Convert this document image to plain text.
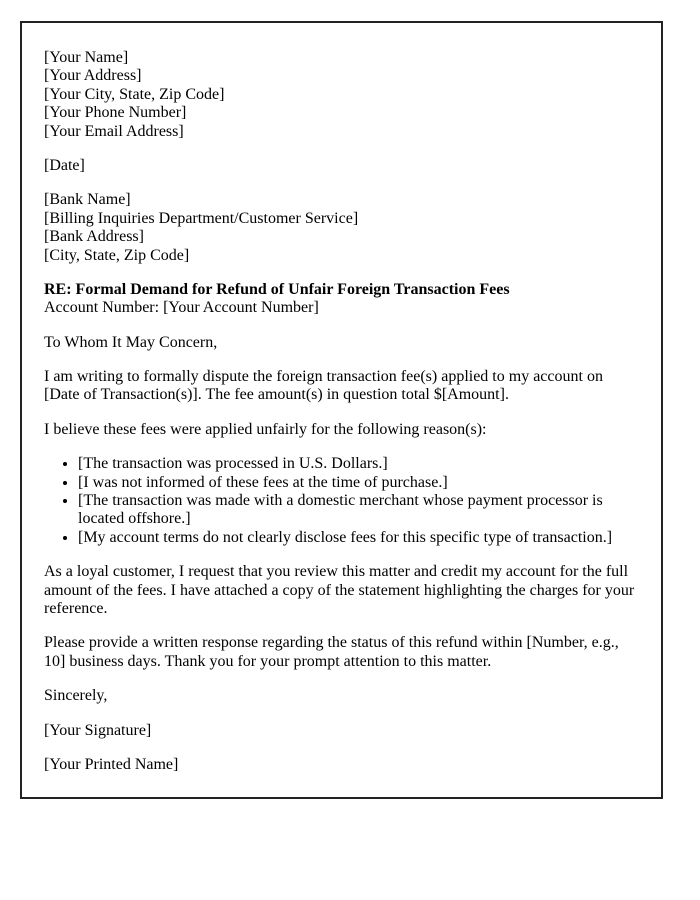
[Your Name]
[Your Address]
[Your City, State, Zip Code]
[Your Phone Number]
[Your Email Address]
[Date]
[Bank Name]
[Billing Inquiries Department/Customer Service]
[Bank Address]
[City, State, Zip Code]
RE: Formal Demand for Refund of Unfair Foreign Transaction Fees
Account Number: [Your Account Number]
To Whom It May Concern,
I am writing to formally dispute the foreign transaction fee(s) applied to my account on [Date of Transaction(s)]. The fee amount(s) in question total $[Amount].
I believe these fees were applied unfairly for the following reason(s):
• [The transaction was processed in U.S. Dollars.]
• [I was not informed of these fees at the time of purchase.]
• [The transaction was made with a domestic merchant whose payment processor is located offshore.]
• [My account terms do not clearly disclose fees for this specific type of transaction.]
As a loyal customer, I request that you review this matter and credit my account for the full amount of the fees. I have attached a copy of the statement highlighting the charges for your reference.
Please provide a written response regarding the status of this refund within [Number, e.g., 10] business days. Thank you for your prompt attention to this matter.
Sincerely,
[Your Signature]
[Your Printed Name]
